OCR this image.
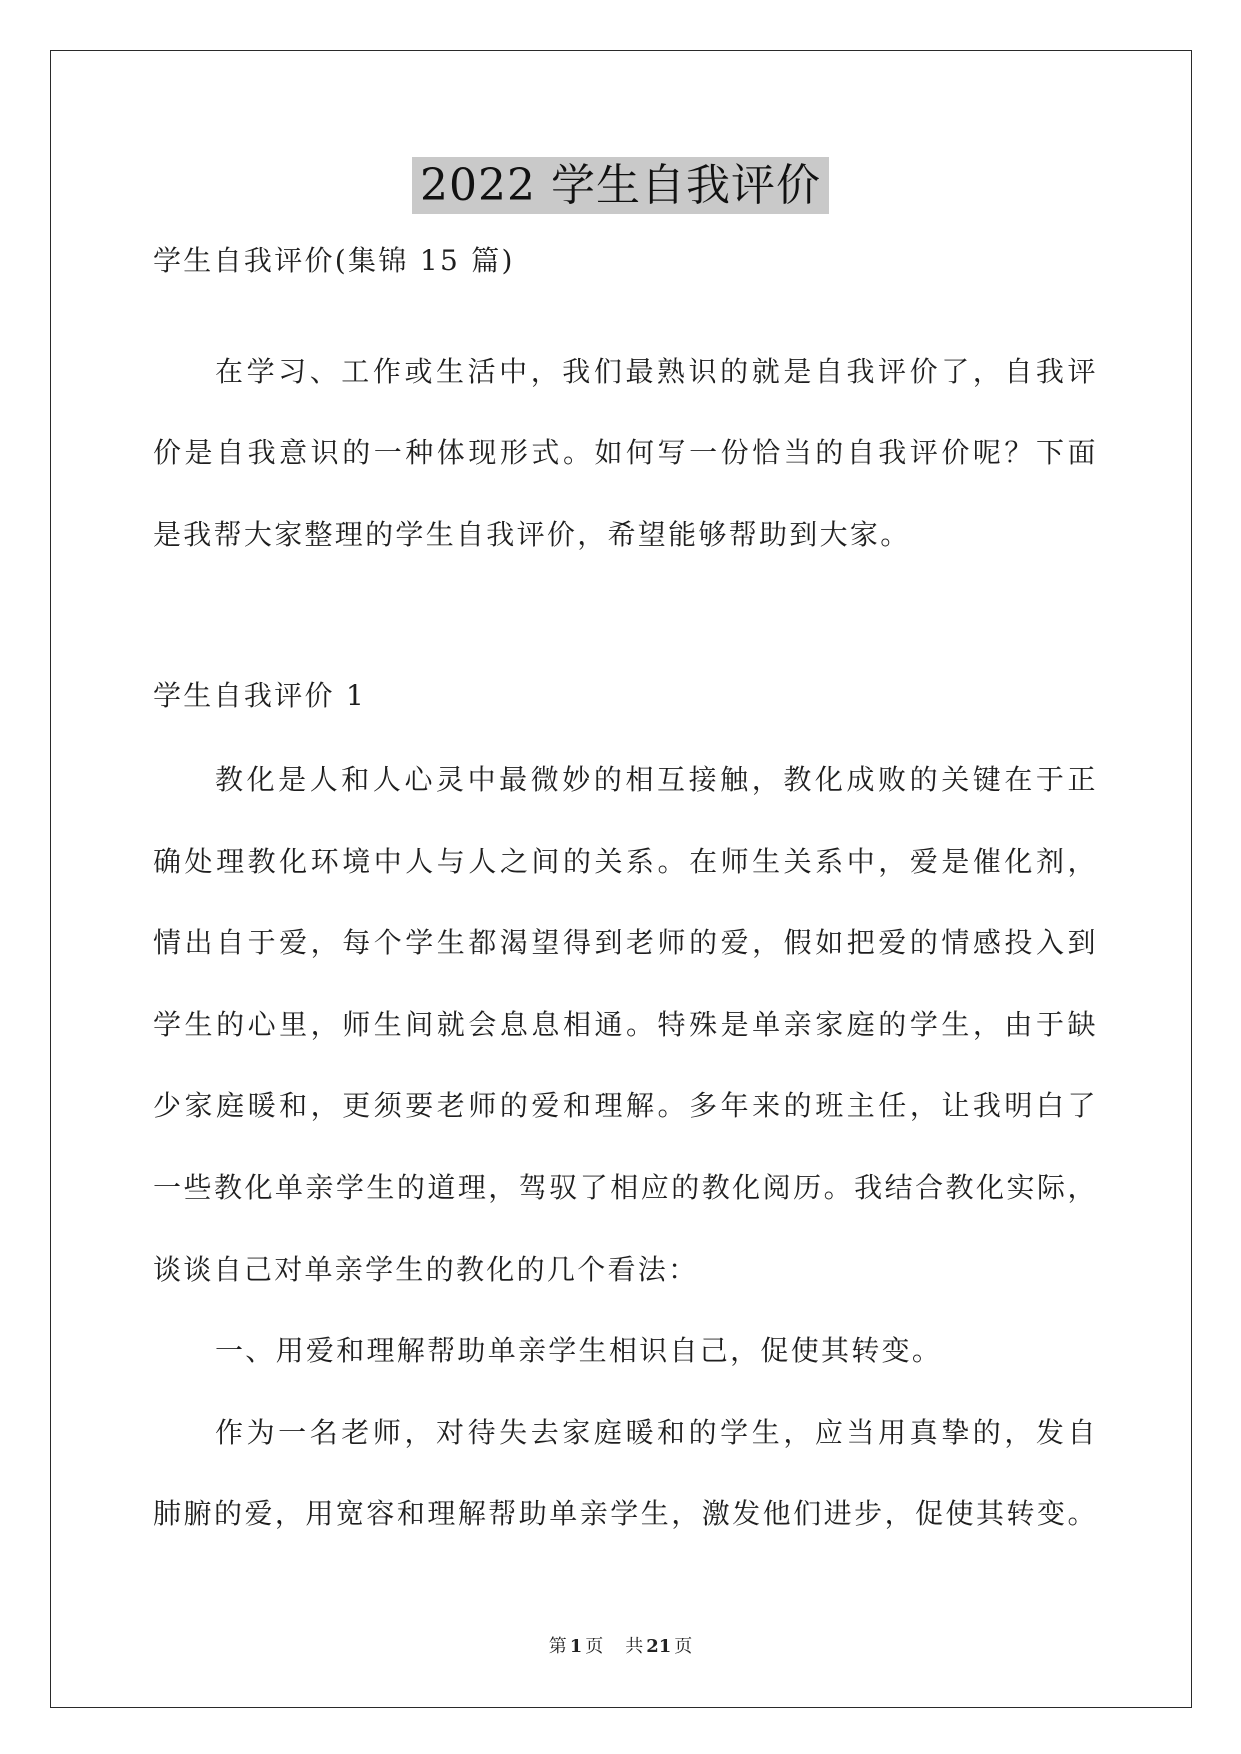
2022 学生自我评价
学生自我评价(集锦 15 篇)
在学习、工作或生活中，我们最熟识的就是自我评价了，自我评
价是自我意识的一种体现形式。如何写一份恰当的自我评价呢？下面
是我帮大家整理的学生自我评价，希望能够帮助到大家。
学生自我评价 1
教化是人和人心灵中最微妙的相互接触，教化成败的关键在于正
确处理教化环境中人与人之间的关系。在师生关系中，爱是催化剂，
情出自于爱，每个学生都渴望得到老师的爱，假如把爱的情感投入到
学生的心里，师生间就会息息相通。特殊是单亲家庭的学生，由于缺
少家庭暖和，更须要老师的爱和理解。多年来的班主任，让我明白了
一些教化单亲学生的道理，驾驭了相应的教化阅历。我结合教化实际，
谈谈自己对单亲学生的教化的几个看法：
一、用爱和理解帮助单亲学生相识自己，促使其转变。
作为一名老师，对待失去家庭暖和的学生，应当用真挚的，发自
肺腑的爱，用宽容和理解帮助单亲学生，激发他们进步，促使其转变。
第 1 页 共 21 页
